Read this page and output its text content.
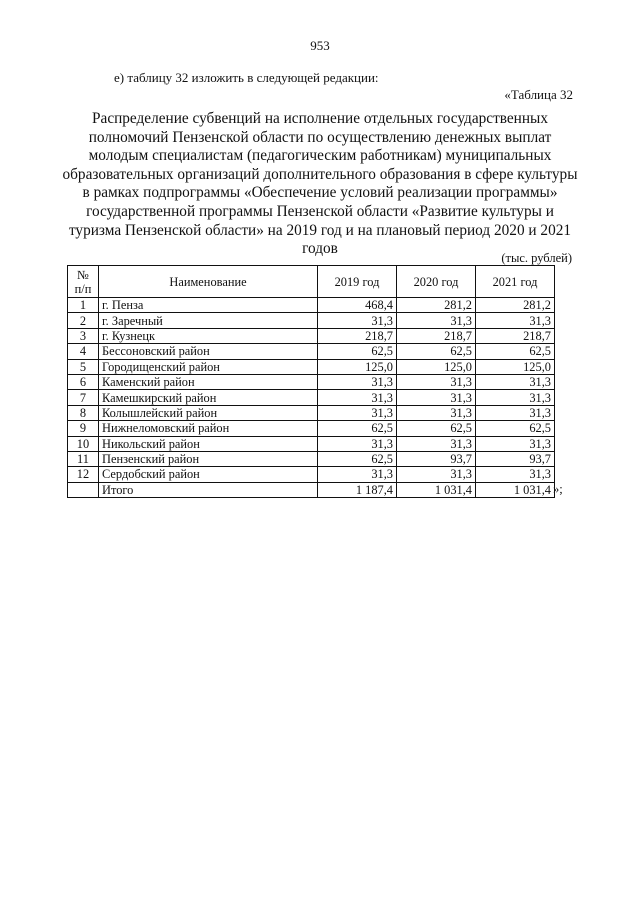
953
е) таблицу 32 изложить в следующей редакции:
«Таблица 32
Распределение субвенций на исполнение отдельных государственных полномочий Пензенской области по осуществлению денежных выплат молодым специалистам (педагогическим работникам) муниципальных образовательных организаций дополнительного образования в сфере культуры в рамках подпрограммы «Обеспечение условий реализации программы» государственной программы Пензенской области «Развитие культуры и туризма Пензенской области» на 2019 год и на плановый период 2020 и 2021 годов
(тыс. рублей)
№
п/п	Наименование	2019 год	2020 год	2021 год
1	г. Пенза	468,4	281,2	281,2
2	г. Заречный	31,3	31,3	31,3
3	г. Кузнецк	218,7	218,7	218,7
4	Бессоновский район	62,5	62,5	62,5
5	Городищенский район	125,0	125,0	125,0
6	Каменский район	31,3	31,3	31,3
7	Камешкирский район	31,3	31,3	31,3
8	Колышлейский район	31,3	31,3	31,3
9	Нижнеломовский район	62,5	62,5	62,5
10	Никольский район	31,3	31,3	31,3
11	Пензенский район	62,5	93,7	93,7
12	Сердобский район	31,3	31,3	31,3
	Итого	1 187,4	1 031,4	1 031,4 »;
